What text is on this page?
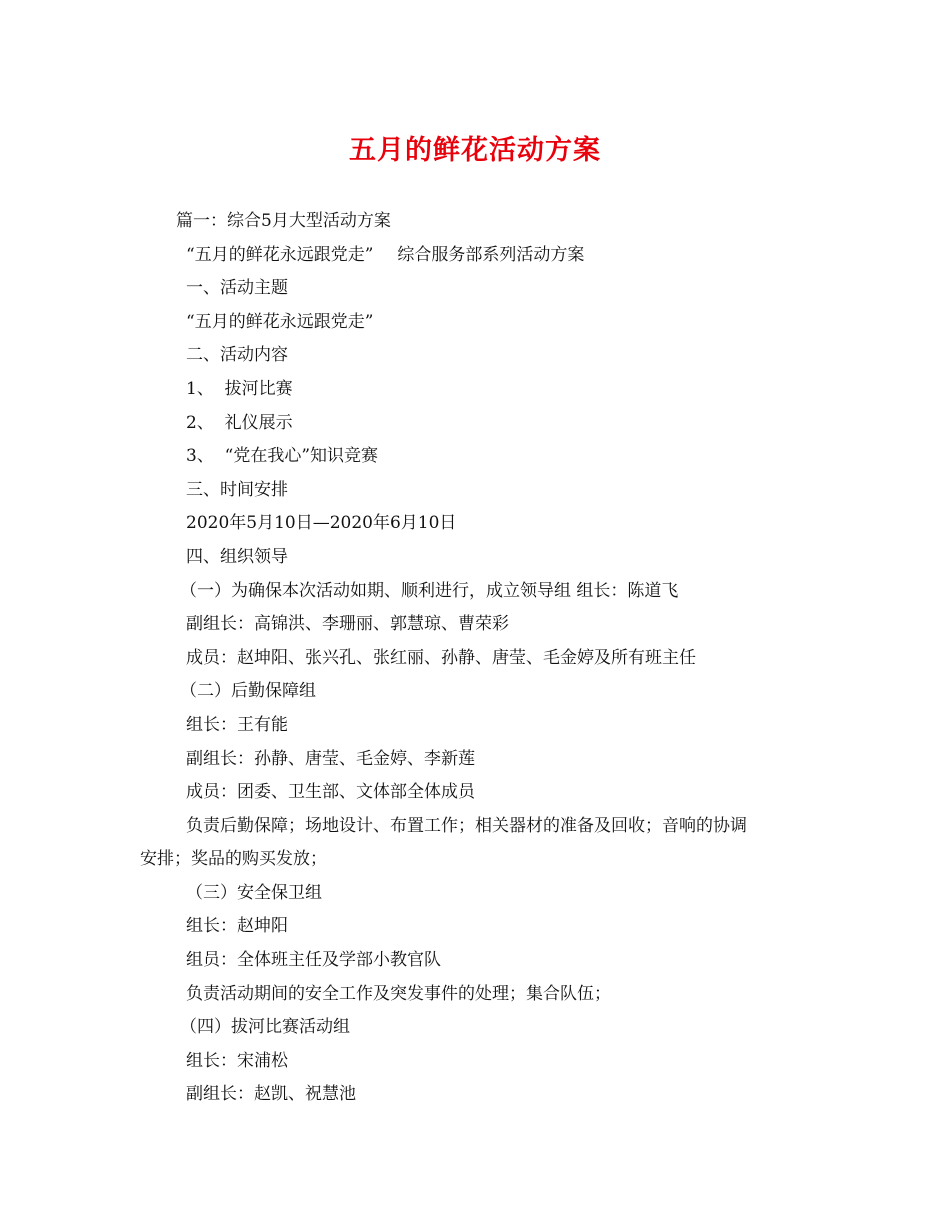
五月的鲜花活动方案
篇一：综合5月大型活动方案
“五月的鲜花永远跟党走” 综合服务部系列活动方案
一、活动主题
“五月的鲜花永远跟党走”
二、活动内容
1、  拔河比赛
2、  礼仪展示
3、  “党在我心”知识竞赛
三、时间安排
2020年5月10日—2020年6月10日
四、组织领导
（一）为确保本次活动如期、顺利进行，成立领导组 组长：陈道飞
副组长：高锦洪、李珊丽、郭慧琼、曹荣彩
成员：赵坤阳、张兴孔、张红丽、孙静、唐莹、毛金婷及所有班主任
（二）后勤保障组
组长：王有能
副组长：孙静、唐莹、毛金婷、李新莲
成员：团委、卫生部、文体部全体成员
负责后勤保障；场地设计、布置工作；相关器材的准备及回收；音响的协调
安排；奖品的购买发放；
（三）安全保卫组
组长：赵坤阳
组员：全体班主任及学部小教官队
负责活动期间的安全工作及突发事件的处理；集合队伍；
（四）拔河比赛活动组
组长：宋浦松
副组长：赵凯、祝慧池
